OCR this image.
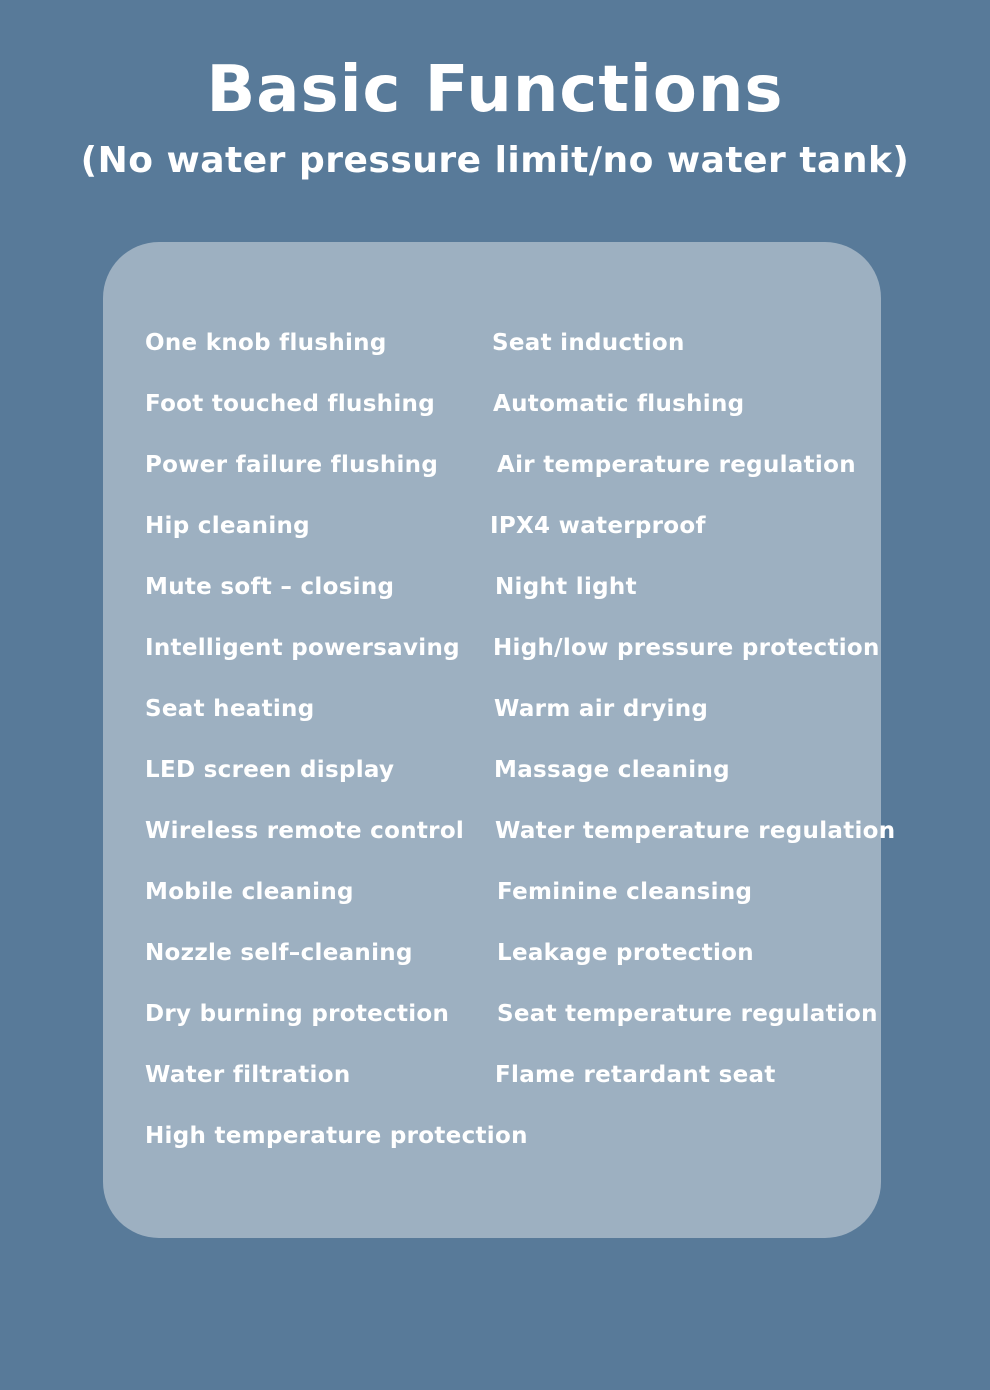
Basic Functions
(No water pressure limit/no water tank)
One knob flushing
Foot touched flushing
Power failure flushing
Hip cleaning
Mute soft – closing
Intelligent powersaving
Seat heating
LED screen display
Wireless remote control
Mobile cleaning
Nozzle self–cleaning
Dry burning protection
Water filtration
High temperature protection
Seat induction
Automatic flushing
Air temperature regulation
IPX4 waterproof
Night light
High/low pressure protection
Warm air drying
Massage cleaning
Water temperature regulation
Feminine cleansing
Leakage protection
Seat temperature regulation
Flame retardant seat
